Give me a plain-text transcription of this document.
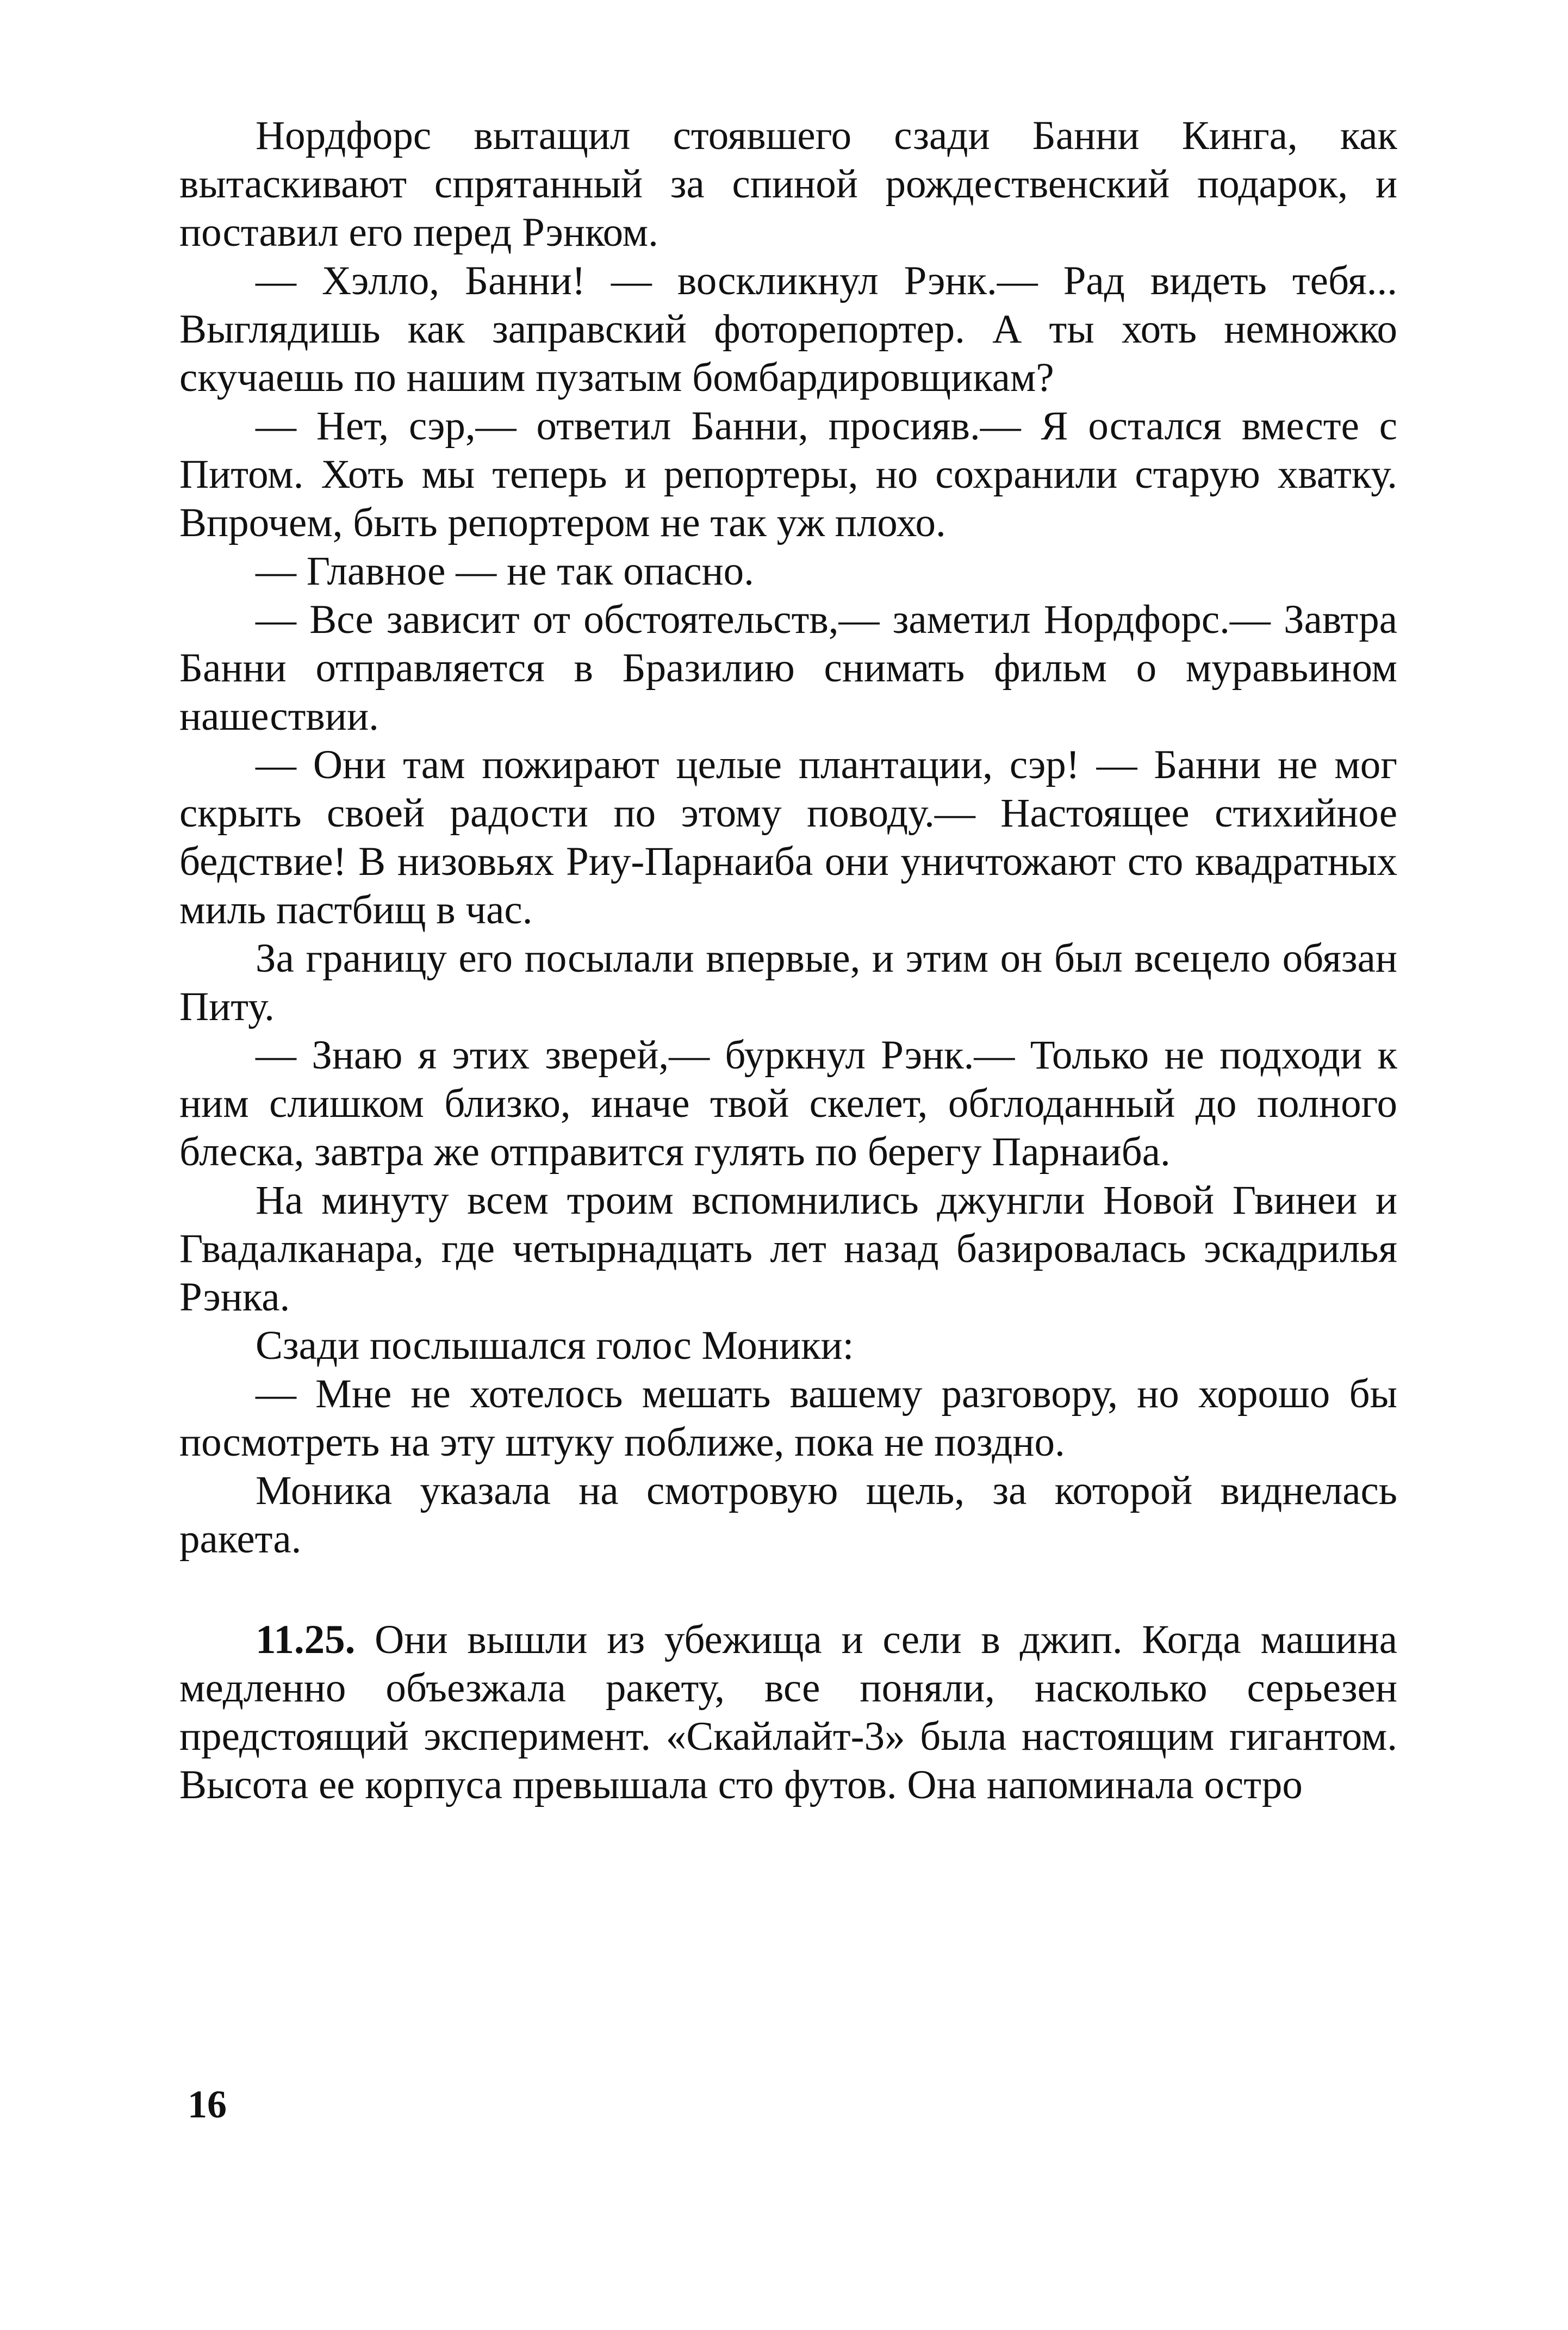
Нордфорс вытащил стоявшего сзади Банни Кинга, как вытаскивают спрятанный за спиной рождественский подарок, и поставил его перед Рэнком.

— Хэлло, Банни! — воскликнул Рэнк.— Рад видеть тебя... Выглядишь как заправский фоторепортер. А ты хоть немножко скучаешь по нашим пузатым бомбардировщикам?

— Нет, сэр,— ответил Банни, просияв.— Я остался вместе с Питом. Хоть мы теперь и репортеры, но сохранили старую хватку. Впрочем, быть репортером не так уж плохо.

— Главное — не так опасно.

— Все зависит от обстоятельств,— заметил Нордфорс.— Завтра Банни отправляется в Бразилию снимать фильм о муравьином нашествии.

— Они там пожирают целые плантации, сэр! — Банни не мог скрыть своей радости по этому поводу.— Настоящее стихийное бедствие! В низовьях Риу-Парнаиба они уничтожают сто квадратных миль пастбищ в час.

За границу его посылали впервые, и этим он был всецело обязан Питу.

— Знаю я этих зверей,— буркнул Рэнк.— Только не подходи к ним слишком близко, иначе твой скелет, обглоданный до полного блеска, завтра же отправится гулять по берегу Парнаиба.

На минуту всем троим вспомнились джунгли Новой Гвинеи и Гвадалканара, где четырнадцать лет назад базировалась эскадрилья Рэнка.

Сзади послышался голос Моники:

— Мне не хотелось мешать вашему разговору, но хорошо бы посмотреть на эту штуку поближе, пока не поздно.

Моника указала на смотровую щель, за которой виднелась ракета.

11.25. Они вышли из убежища и сели в джип. Когда машина медленно объезжала ракету, все поняли, насколько серьезен предстоящий эксперимент. «Скайлайт-3» была настоящим гигантом. Высота ее корпуса превышала сто футов. Она напоминала остро

16
